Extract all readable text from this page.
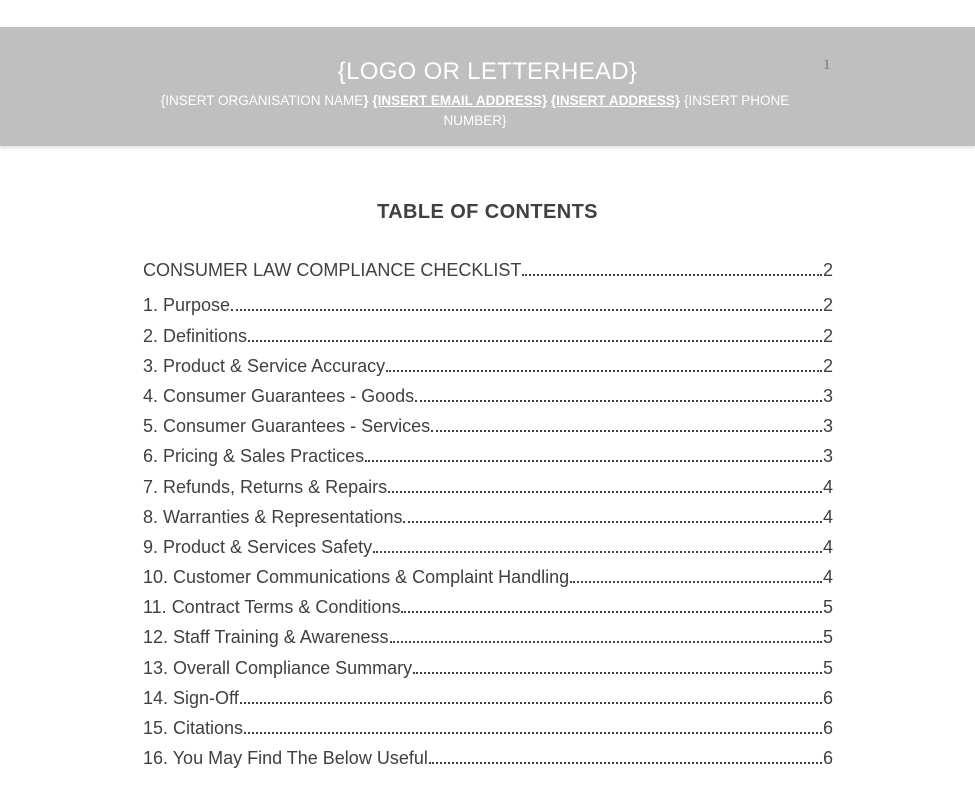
1
{LOGO OR LETTERHEAD}
{INSERT ORGANISATION NAME} {INSERT EMAIL ADDRESS} {INSERT ADDRESS} {INSERT PHONE NUMBER}
TABLE OF CONTENTS
CONSUMER LAW COMPLIANCE CHECKLIST	2
1. Purpose	2
2. Definitions	2
3. Product & Service Accuracy	2
4. Consumer Guarantees - Goods	3
5. Consumer Guarantees - Services	3
6. Pricing & Sales Practices	3
7. Refunds, Returns & Repairs	4
8. Warranties & Representations	4
9. Product & Services Safety	4
10. Customer Communications & Complaint Handling	4
11. Contract Terms & Conditions	5
12. Staff Training & Awareness	5
13. Overall Compliance Summary	5
14. Sign-Off	6
15. Citations	6
16. You May Find The Below Useful	6
